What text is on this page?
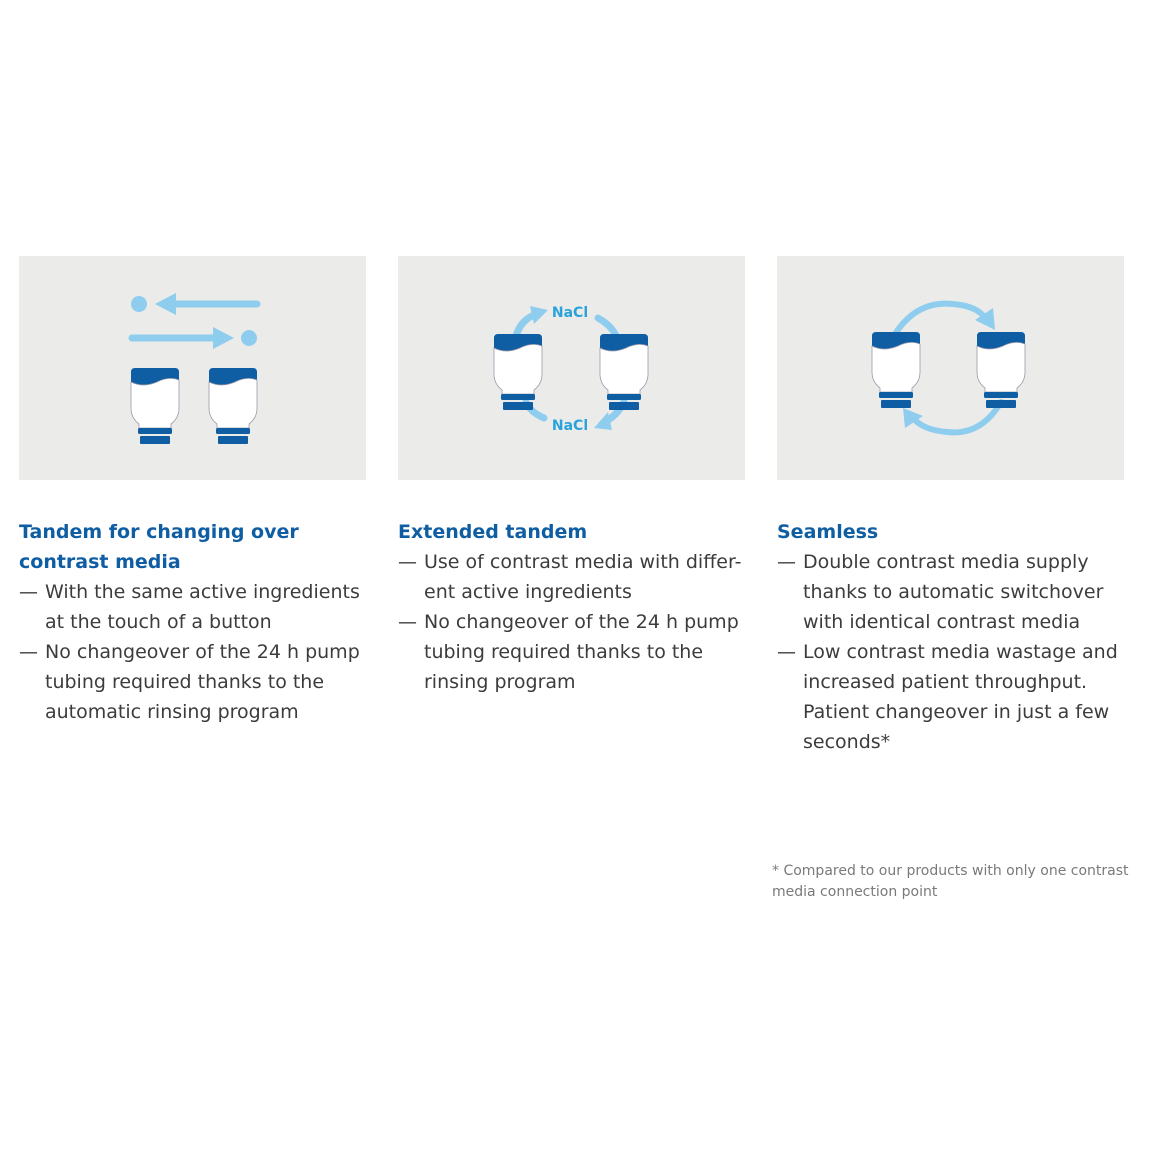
NaCl
NaCl
Tandem for changing over contrast media
— With the same active ingredients at the touch of a button
— No changeover of the 24 h pump tubing required thanks to the automatic rinsing program
Extended tandem
— Use of contrast media with differ-ent active ingredients
— No changeover of the 24 h pump tubing required thanks to the rinsing program
Seamless
— Double contrast media supply thanks to automatic switchover with identical contrast media
— Low contrast media wastage and increased patient throughput. Patient changeover in just a few seconds*
* Compared to our products with only one contrast media connection point
